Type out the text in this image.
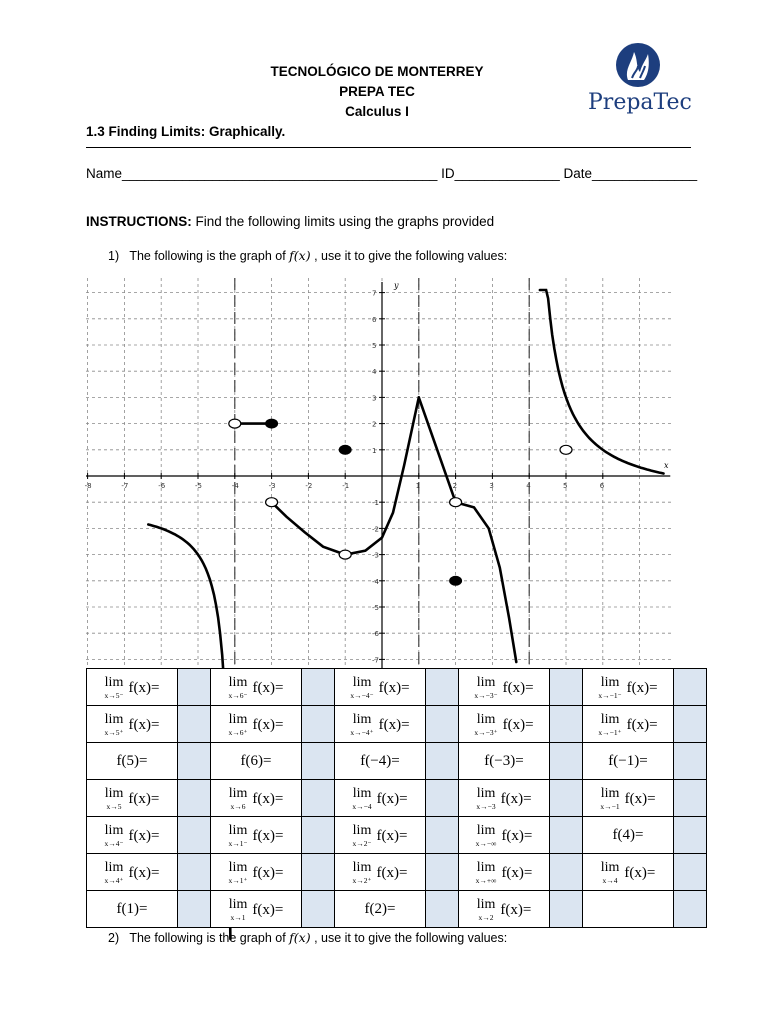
TECNOLÓGICO DE MONTERREY
PREPA TEC
Calculus I	PrepaTec
1.3 Finding Limits: Graphically.
Name__________________________________________ ID______________ Date______________
INSTRUCTIONS: Find the following limits using the graphs provided
1) The following is the graph of f(x) , use it to give the following values:
x
y
-8	-7	-6	-5	-4	-3	-2	-1	1	2	3	4	5	6
7
6
5
4
3
2
1
-1
-2
-3
-4
-5
-6
-7
lim
x→5⁻
f(x)=		lim
x→6⁻
f(x)=		lim
x→−4⁻
f(x)=		lim
x→−3⁻
f(x)=		lim
x→−1⁻
f(x)=	

lim
x→5⁺
f(x)=		lim
x→6⁺
f(x)=		lim
x→−4⁺
f(x)=		lim
x→−3⁺
f(x)=		lim
x→−1⁺
f(x)=	

f(5)=		f(6)=		f(−4)=		f(−3)=		f(−1)=	

lim
x→5
f(x)=		lim
x→6
f(x)=		lim
x→−4
f(x)=		lim
x→−3
f(x)=		lim
x→−1
f(x)=	

lim
x→4⁻
f(x)=		lim
x→1⁻
f(x)=		lim
x→2⁻
f(x)=		lim
x→−∞
f(x)=		f(4)=	

lim
x→4⁺
f(x)=		lim
x→1⁺
f(x)=		lim
x→2⁺
f(x)=		lim
x→+∞
f(x)=		lim
x→4
f(x)=	

f(1)=		lim
x→1
f(x)=		f(2)=		lim
x→2
f(x)=			

2) The following is the graph of f(x) , use it to give the following values:
